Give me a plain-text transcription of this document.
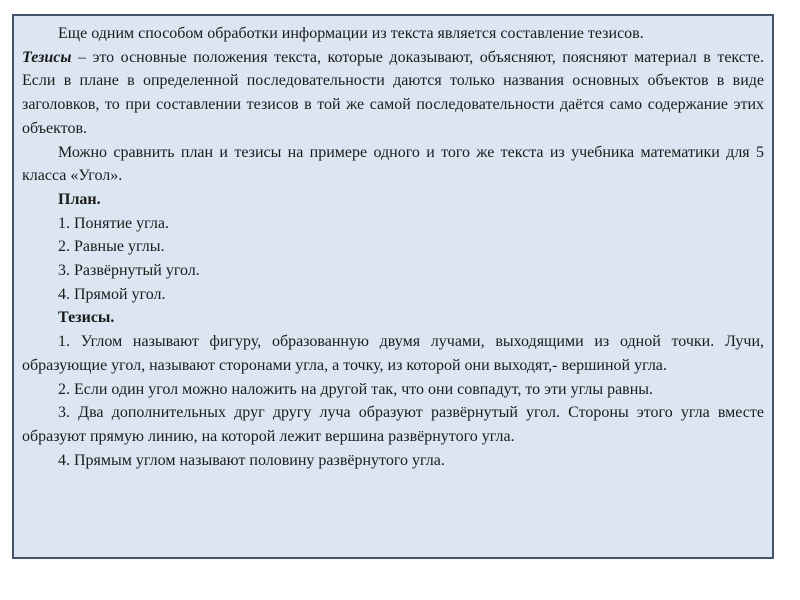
Еще одним способом обработки информации из текста является составление тезисов.

Тезисы – это основные положения текста, которые доказывают, объясняют, поясняют материал в тексте. Если в плане в определенной последовательности даются только названия основных объектов в виде заголовков, то при составлении тезисов в той же самой последовательности даётся само содержание этих объектов.

Можно сравнить план и тезисы на примере одного и того же текста из учебника математики для 5 класса «Угол».

План.

1. Понятие угла.

2. Равные углы.

3. Развёрнутый угол.

4. Прямой угол.

Тезисы.

1. Углом называют фигуру, образованную двумя лучами, выходящими из одной точки. Лучи, образующие угол, называют сторонами угла, а точку, из которой они выходят,- вершиной угла.

2. Если один угол можно наложить на другой так, что они совпадут, то эти углы равны.

3. Два дополнительных друг другу луча образуют развёрнутый угол. Стороны этого угла вместе образуют прямую линию, на которой лежит вершина развёрнутого угла.

4. Прямым углом называют половину развёрнутого угла.
